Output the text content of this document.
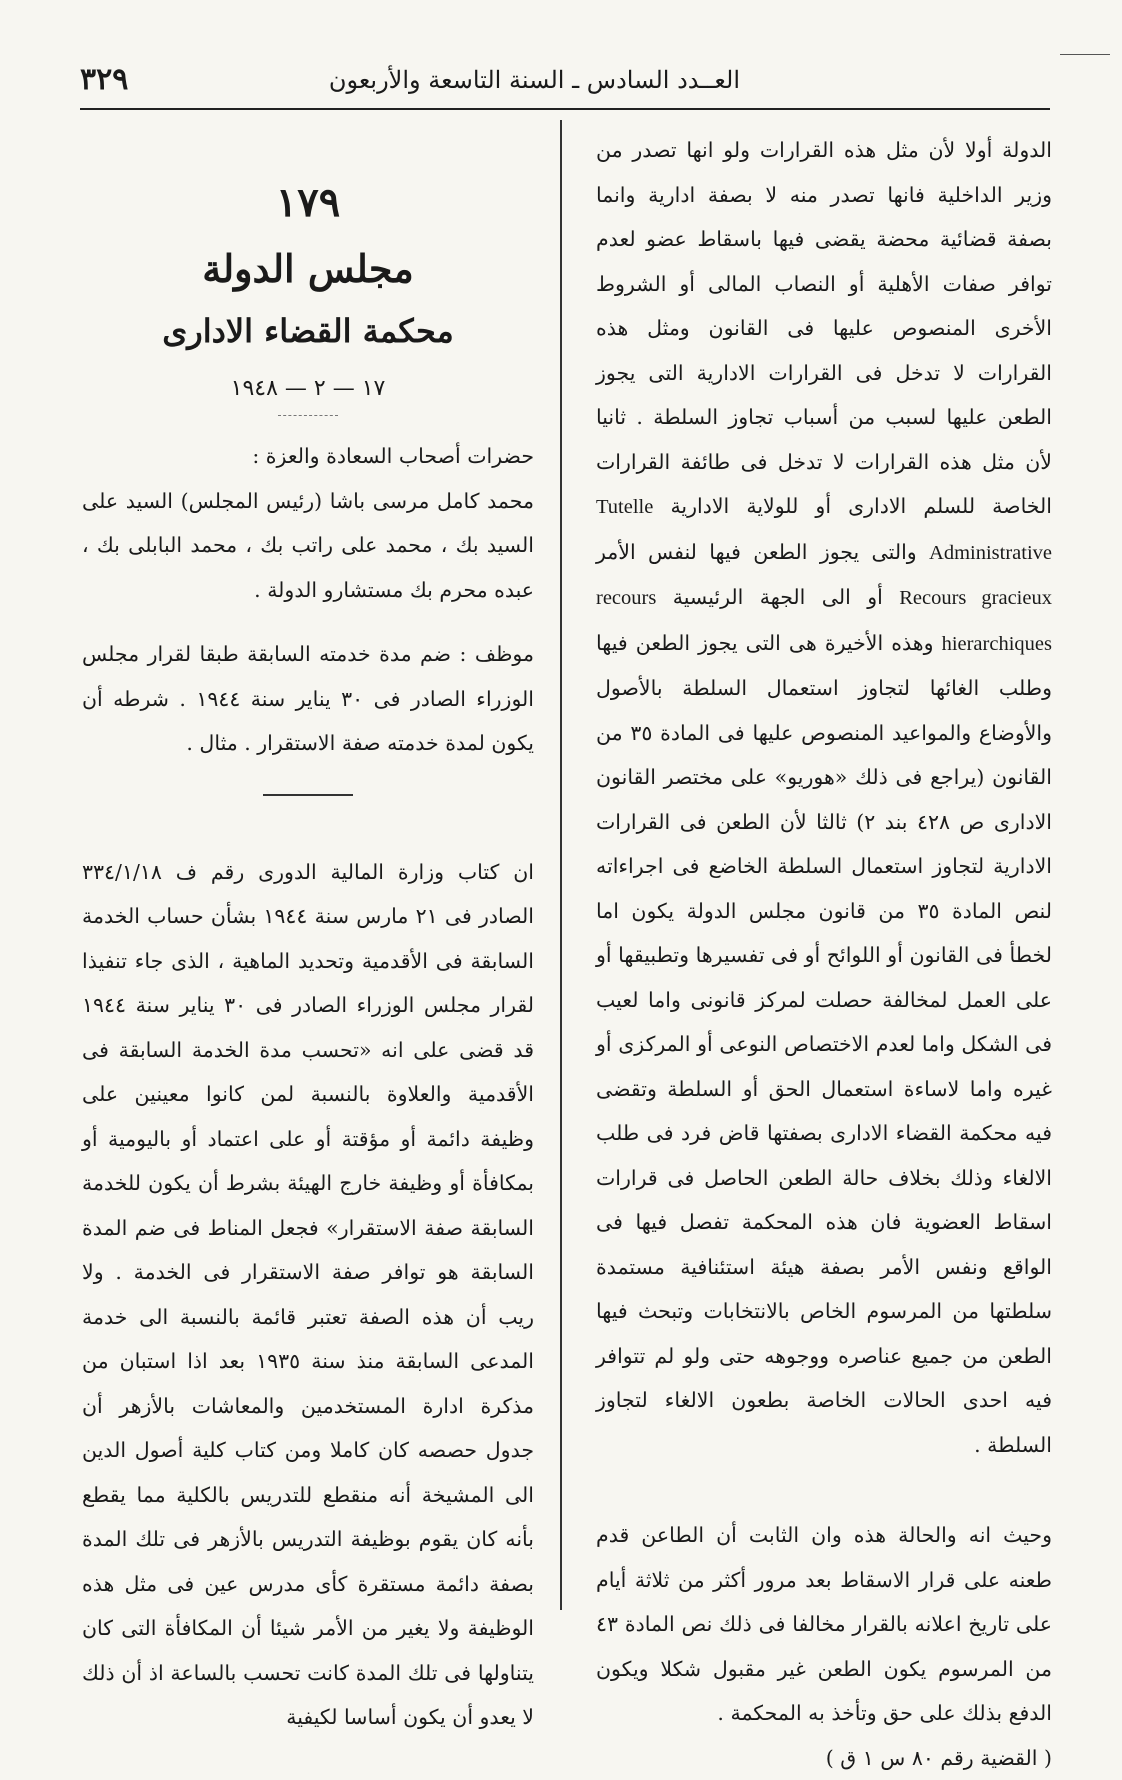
العــدد السادس ـ السنة التاسعة والأربعون
٣٢٩

الدولة أولا لأن مثل هذه القرارات ولو انها تصدر من وزير الداخلية فانها تصدر منه لا بصفة ادارية وانما بصفة قضائية محضة يقضى فيها باسقاط عضو لعدم توافر صفات الأهلية أو النصاب المالى أو الشروط الأخرى المنصوص عليها فى القانون ومثل هذه القرارات لا تدخل فى القرارات الادارية التى يجوز الطعن عليها لسبب من أسباب تجاوز السلطة . ثانيا لأن مثل هذه القرارات لا تدخل فى طائفة القرارات الخاصة للسلم الادارى أو للولاية الادارية Tutelle Administrative والتى يجوز الطعن فيها لنفس الأمر Recours gracieux أو الى الجهة الرئيسية recours hierarchiques وهذه الأخيرة هى التى يجوز الطعن فيها وطلب الغائها لتجاوز استعمال السلطة بالأصول والأوضاع والمواعيد المنصوص عليها فى المادة ٣٥ من القانون (يراجع فى ذلك «هوريو» على مختصر القانون الادارى ص ٤٢٨ بند ٢) ثالثا لأن الطعن فى القرارات الادارية لتجاوز استعمال السلطة الخاضع فى اجراءاته لنص المادة ٣٥ من قانون مجلس الدولة يكون اما لخطأ فى القانون أو اللوائح أو فى تفسيرها وتطبيقها أو على العمل لمخالفة حصلت لمركز قانونى واما لعيب فى الشكل واما لعدم الاختصاص النوعى أو المركزى أو غيره واما لاساءة استعمال الحق أو السلطة وتقضى فيه محكمة القضاء الادارى بصفتها قاض فرد فى طلب الالغاء وذلك بخلاف حالة الطعن الحاصل فى قرارات اسقاط العضوية فان هذه المحكمة تفصل فيها فى الواقع ونفس الأمر بصفة هيئة استئنافية مستمدة سلطتها من المرسوم الخاص بالانتخابات وتبحث فيها الطعن من جميع عناصره ووجوهه حتى ولو لم تتوافر فيه احدى الحالات الخاصة بطعون الالغاء لتجاوز السلطة .

وحيث انه والحالة هذه وان الثابت أن الطاعن قدم طعنه على قرار الاسقاط بعد مرور أكثر من ثلاثة أيام على تاريخ اعلانه بالقرار مخالفا فى ذلك نص المادة ٤٣ من المرسوم يكون الطعن غير مقبول شكلا ويكون الدفع بذلك على حق وتأخذ به المحكمة .

( القضية رقم ٨٠ س ١ ق )

١٧٩
مجلس الدولة
محكمة القضاء الادارى
١٧ — ٢ — ١٩٤٨

حضرات أصحاب السعادة والعزة :

محمد كامل مرسى باشا (رئيس المجلس) السيد على السيد بك ، محمد على راتب بك ، محمد البابلى بك ، عبده محرم بك مستشارو الدولة .

موظف : ضم مدة خدمته السابقة طبقا لقرار مجلس الوزراء الصادر فى ٣٠ يناير سنة ١٩٤٤ . شرطه أن يكون لمدة خدمته صفة الاستقرار . مثال .

ان كتاب وزارة المالية الدورى رقم ف ٣٣٤/١/١٨ الصادر فى ٢١ مارس سنة ١٩٤٤ بشأن حساب الخدمة السابقة فى الأقدمية وتحديد الماهية ، الذى جاء تنفيذا لقرار مجلس الوزراء الصادر فى ٣٠ يناير سنة ١٩٤٤ قد قضى على انه «تحسب مدة الخدمة السابقة فى الأقدمية والعلاوة بالنسبة لمن كانوا معينين على وظيفة دائمة أو مؤقتة أو على اعتماد أو باليومية أو بمكافأة أو وظيفة خارج الهيئة بشرط أن يكون للخدمة السابقة صفة الاستقرار» فجعل المناط فى ضم المدة السابقة هو توافر صفة الاستقرار فى الخدمة . ولا ريب أن هذه الصفة تعتبر قائمة بالنسبة الى خدمة المدعى السابقة منذ سنة ١٩٣٥ بعد اذا استبان من مذكرة ادارة المستخدمين والمعاشات بالأزهر أن جدول حصصه كان كاملا ومن كتاب كلية أصول الدين الى المشيخة أنه منقطع للتدريس بالكلية مما يقطع بأنه كان يقوم بوظيفة التدريس بالأزهر فى تلك المدة بصفة دائمة مستقرة كأى مدرس عين فى مثل هذه الوظيفة ولا يغير من الأمر شيئا أن المكافأة التى كان يتناولها فى تلك المدة كانت تحسب بالساعة اذ أن ذلك لا يعدو أن يكون أساسا لكيفية
